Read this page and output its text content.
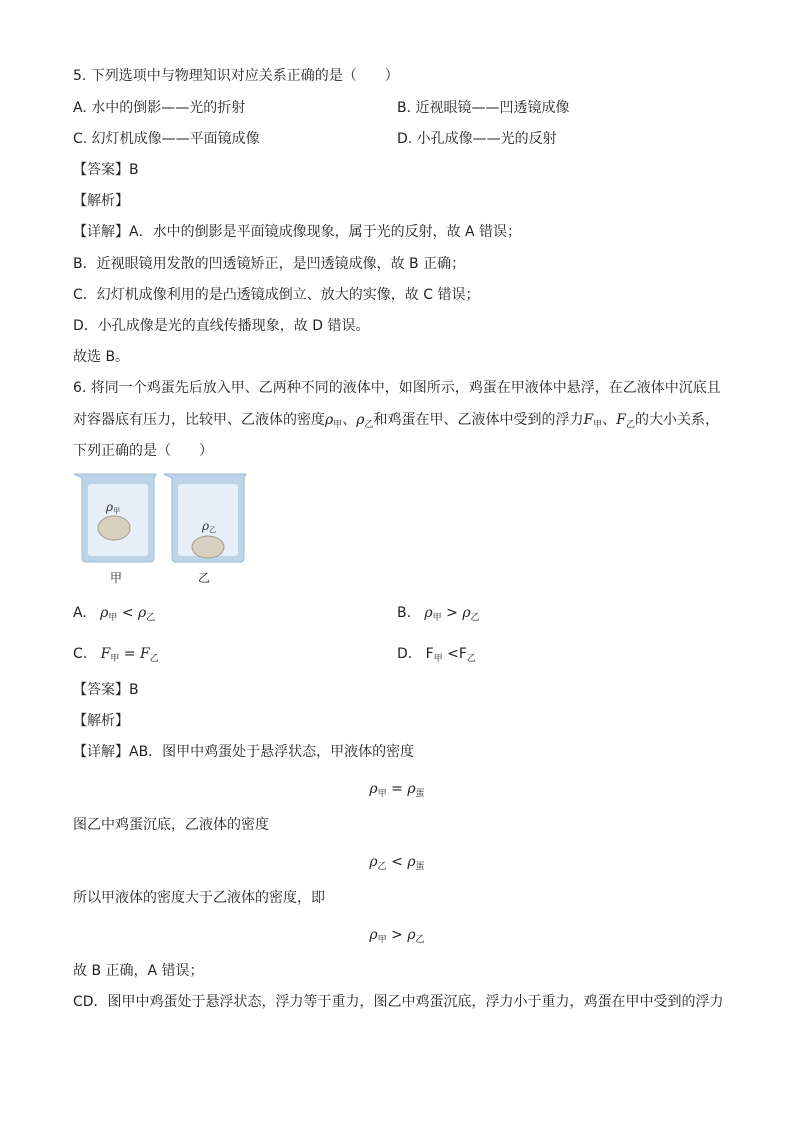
5. 下列选项中与物理知识对应关系正确的是（　　）
A. 水中的倒影——光的折射	B. 近视眼镜——凹透镜成像
C. 幻灯机成像——平面镜成像	D. 小孔成像——光的反射
【答案】B
【解析】
【详解】A．水中的倒影是平面镜成像现象，属于光的反射，故 A 错误；
B．近视眼镜用发散的凹透镜矫正，是凹透镜成像，故 B 正确；
C．幻灯机成像利用的是凸透镜成倒立、放大的实像，故 C 错误；
D．小孔成像是光的直线传播现象，故 D 错误。
故选 B。
6. 将同一个鸡蛋先后放入甲、乙两种不同的液体中，如图所示，鸡蛋在甲液体中悬浮，在乙液体中沉底且
对容器底有压力，比较甲、乙液体的密度$\rho_甲$、$\rho_乙$和鸡蛋在甲、乙液体中受到的浮力$F_甲$、$F_乙$的大小关系，
下列正确的是（　　）
ρ甲
ρ乙
甲	乙
A. $\rho_甲 < \rho_乙$	B. $\rho_甲 > \rho_乙$
C. $F_甲 = F_乙$	D. $F_甲 <F_乙$
【答案】B
【解析】
【详解】AB．图甲中鸡蛋处于悬浮状态，甲液体的密度
$\rho_甲 = \rho_蛋$
图乙中鸡蛋沉底，乙液体的密度
$\rho_乙 < \rho_蛋$
所以甲液体的密度大于乙液体的密度，即
$\rho_甲 > \rho_乙$
故 B 正确，A 错误；
CD．图甲中鸡蛋处于悬浮状态，浮力等于重力，图乙中鸡蛋沉底，浮力小于重力，鸡蛋在甲中受到的浮力
